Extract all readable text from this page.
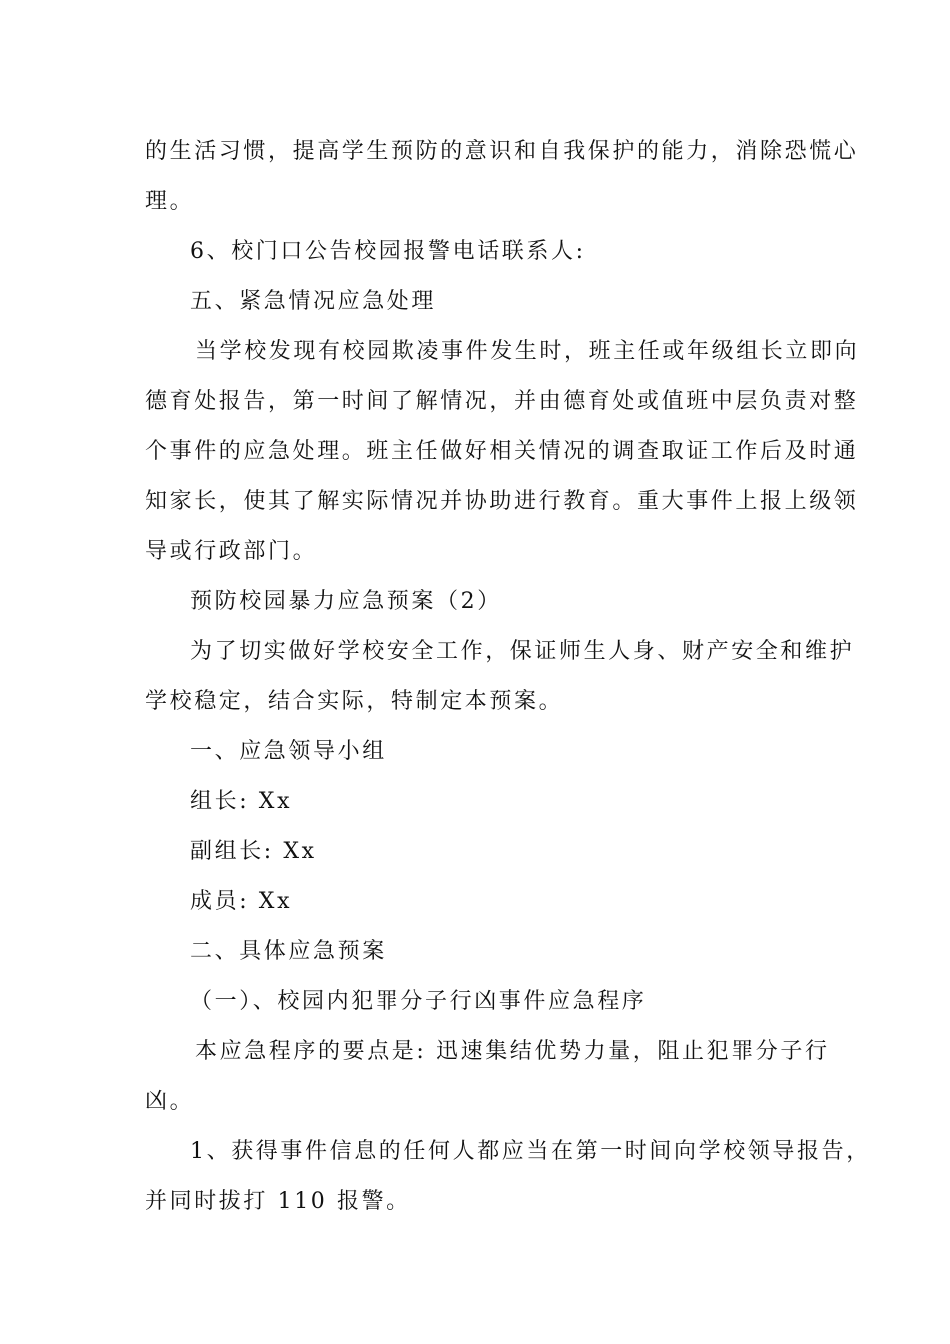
的生活习惯，提高学生预防的意识和自我保护的能力，消除恐慌心
理。
6、校门口公告校园报警电话联系人:
五、紧急情况应急处理
当学校发现有校园欺凌事件发生时，班主任或年级组长立即向
德育处报告，第一时间了解情况，并由德育处或值班中层负责对整
个事件的应急处理。班主任做好相关情况的调查取证工作后及时通
知家长，使其了解实际情况并协助进行教育。重大事件上报上级领
导或行政部门。
预防校园暴力应急预案（2）
为了切实做好学校安全工作，保证师生人身、财产安全和维护
学校稳定，结合实际，特制定本预案。
一、应急领导小组
组长: Xx
副组长: Xx
成员: Xx
二、具体应急预案
（一）、校园内犯罪分子行凶事件应急程序
本应急程序的要点是: 迅速集结优势力量，阻止犯罪分子行
凶。
1、获得事件信息的任何人都应当在第一时间向学校领导报告，
并同时拔打 110 报警。
